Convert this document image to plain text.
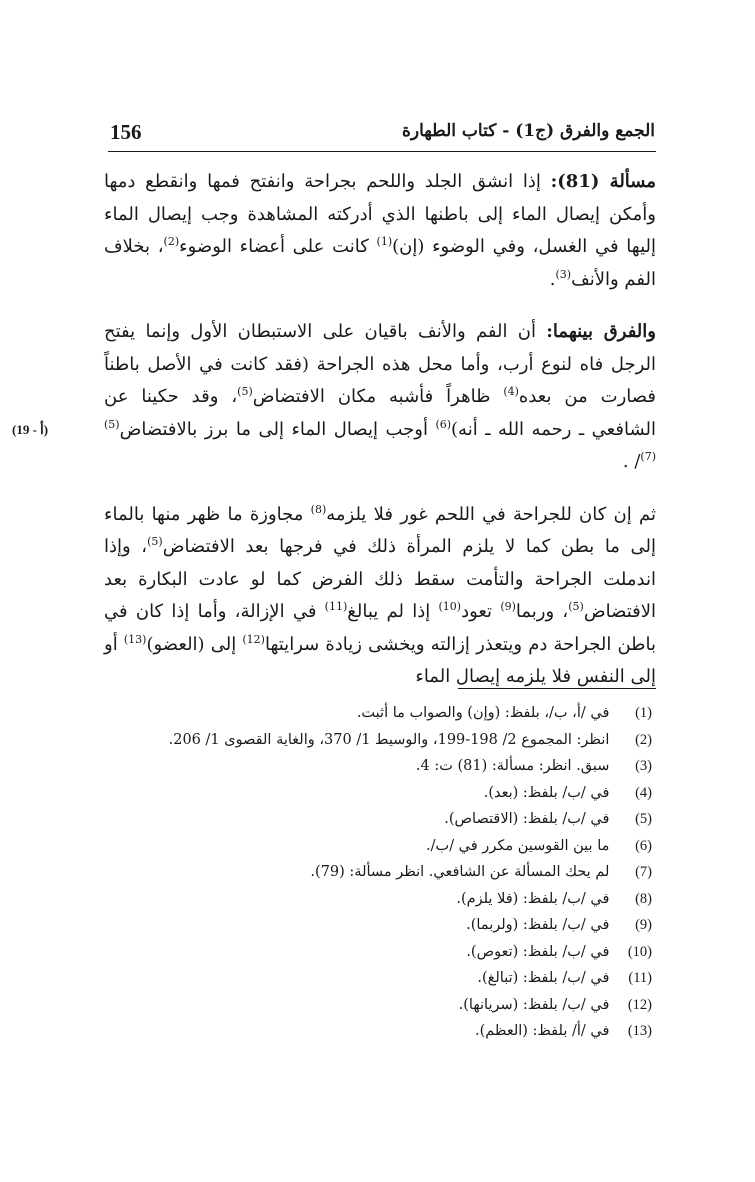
156	الجمع والفرق (ج1) - كتاب الطهارة

مسألة (81): إذا انشق الجلد واللحم بجراحة وانفتح فمها وانقطع دمها وأمكن إيصال الماء إلى باطنها الذي أدركته المشاهدة وجب إيصال الماء إليها في الغسل، وفي الوضوء (إن)$^{(1)}$ كانت على أعضاء الوضوء$^{(2)}$، بخلاف الفم والأنف$^{(3)}$.

والفرق بينهما: أن الفم والأنف باقيان على الاستبطان الأول وإنما يفتح الرجل فاه لنوع أرب، وأما محل هذه الجراحة (فقد كانت في الأصل باطناً فصارت من بعده$^{(4)}$ ظاهراً فأشبه مكان الافتضاض$^{(5)}$، وقد حكينا عن الشافعي ـ رحمه الله ـ أنه)$^{(6)}$ أوجب إيصال الماء إلى ما برز بالافتضاض$^{(5)}$ $^{(7)}$/ .
(19 - أ)

ثم إن كان للجراحة في اللحم غور فلا يلزمه$^{(8)}$ مجاوزة ما ظهر منها بالماء إلى ما بطن كما لا يلزم المرأة ذلك في فرجها بعد الافتضاض$^{(5)}$، وإذا اندملت الجراحة والتأمت سقط ذلك الفرض كما لو عادت البكارة بعد الافتضاض$^{(5)}$، وربما$^{(9)}$ تعود$^{(10)}$ إذا لم يبالغ$^{(11)}$ في الإزالة، وأما إذا كان في باطن الجراحة دم ويتعذر إزالته ويخشى زيادة سرايتها$^{(12)}$ إلى (العضو)$^{(13)}$ أو إلى النفس فلا يلزمه إيصال الماء

(1) في /أ، ب/، بلفظ: (وإن) والصواب ما أثبت.
(2) انظر: المجموع 2/ 198-199، والوسيط 1/ 370، والغاية القصوى 1/ 206.
(3) سبق. انظر: مسألة: (81) ت: 4.
(4) في /ب/ بلفظ: (بعد).
(5) في /ب/ بلفظ: (الاقتصاص).
(6) ما بين القوسين مكرر في /ب/.
(7) لم يحك المسألة عن الشافعي. انظر مسألة: (79).
(8) في /ب/ بلفظ: (فلا يلزم).
(9) في /ب/ بلفظ: (ولربما).
(10) في /ب/ بلفظ: (تعوص).
(11) في /ب/ بلفظ: (تبالغ).
(12) في /ب/ بلفظ: (سريانها).
(13) في /أ/ بلفظ: (العظم).
